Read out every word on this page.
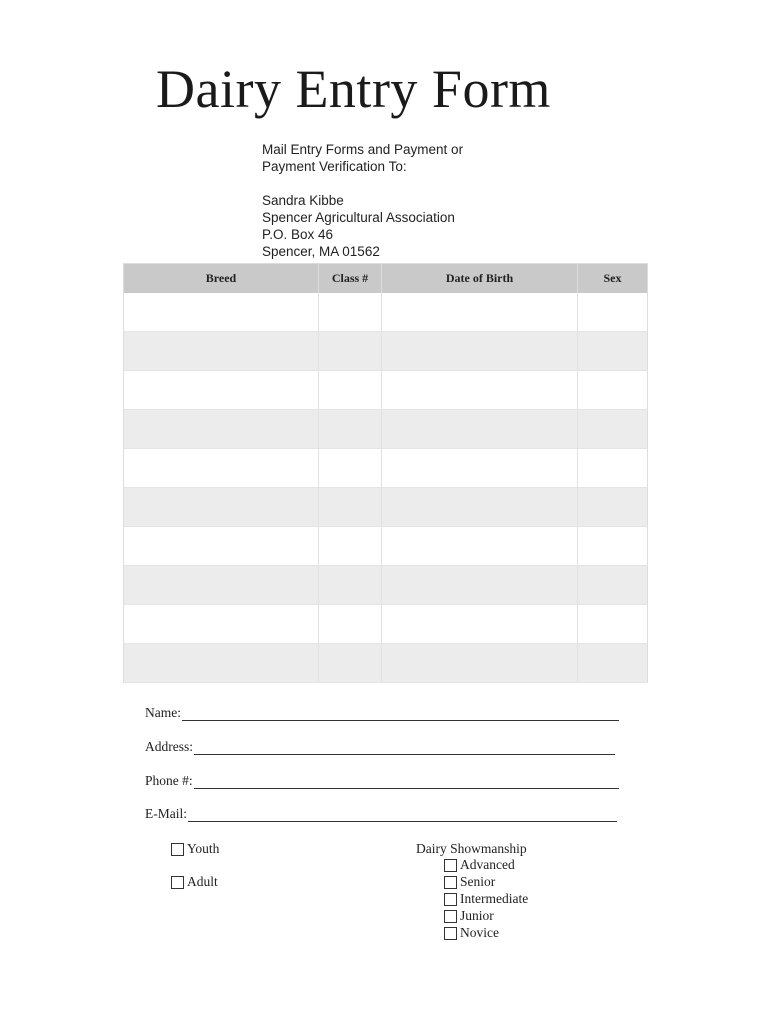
Dairy Entry Form
Mail Entry Forms and Payment or
Payment Verification To:
Sandra Kibbe
Spencer Agricultural Association
P.O. Box 46
Spencer, MA 01562
Breed	Class #	Date of Birth	Sex

Name:
Address:
Phone #:
E-Mail:
Youth
Adult
Dairy Showmanship
Advanced
Senior
Intermediate
Junior
Novice
